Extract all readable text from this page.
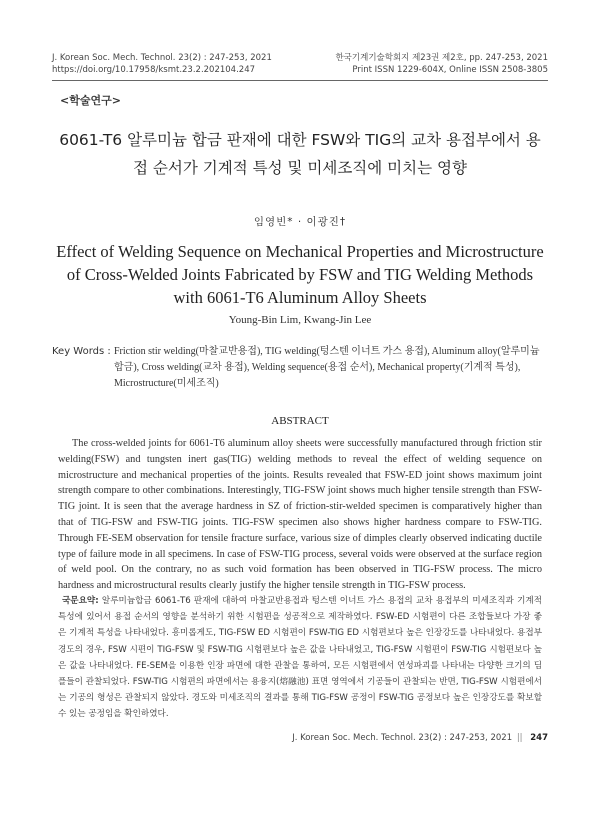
J. Korean Soc. Mech. Technol. 23(2) : 247-253, 2021
https://doi.org/10.17958/ksmt.23.2.202104.247
한국기계기술학회지 제23권 제2호, pp. 247-253, 2021
Print ISSN 1229-604X, Online ISSN 2508-3805
<학술연구>
6061-T6 알루미늄 합금 판재에 대한 FSW와 TIG의 교차 용접부에서 용접 순서가 기계적 특성 및 미세조직에 미치는 영향
임영빈* · 이광진†
Effect of Welding Sequence on Mechanical Properties and Microstructure of Cross-Welded Joints Fabricated by FSW and TIG Welding Methods with 6061-T6 Aluminum Alloy Sheets
Young-Bin Lim, Kwang-Jin Lee
Key Words : Friction stir welding(마찰교반용접), TIG welding(텅스텐 이너트 가스 용접), Aluminum alloy(알루미늄 합금), Cross welding(교차 용접), Welding sequence(용접 순서), Mechanical property(기계적 특성), Microstructure(미세조직)
ABSTRACT
The cross-welded joints for 6061-T6 aluminum alloy sheets were successfully manufactured through friction stir welding(FSW) and tungsten inert gas(TIG) welding methods to reveal the effect of welding sequence on microstructure and mechanical properties of the joints. Results revealed that FSW-ED joint shows maximum joint strength compare to other combinations. Interestingly, TIG-FSW joint shows much higher tensile strength than FSW-TIG joint. It is seen that the average hardness in SZ of friction-stir-welded specimen is comparatively higher than that of TIG-FSW and FSW-TIG joints. TIG-FSW specimen also shows higher hardness compare to FSW-TIG. Through FE-SEM observation for tensile fracture surface, various size of dimples clearly observed indicating ductile type of failure mode in all specimens. In case of FSW-TIG process, several voids were observed at the surface region of weld pool. On the contrary, no as such void formation has been observed in TIG-FSW process. The micro hardness and microstructural results clearly justify the higher tensile strength in TIG-FSW process.
국문요약: 알루미늄합금 6061-T6 판재에 대하여 마찰교반용접과 텅스텐 이너트 가스 용접의 교차 용접부의 미세조직과 기계적 특성에 있어서 용접 순서의 영향을 분석하기 위한 시험편을 성공적으로 제작하였다. FSW-ED 시험편이 다른 조합들보다 가장 좋은 기계적 특성을 나타내었다. 흥미롭게도, TIG-FSW ED 시험편이 FSW-TIG ED 시험편보다 높은 인장강도를 나타내었다. 용접부 경도의 경우, FSW 시편이 TIG-FSW 및 FSW-TIG 시험편보다 높은 값을 나타내었고, TIG-FSW 시험편이 FSW-TIG 시험편보다 높은 값을 나타내었다. FE-SEM을 이용한 인장 파면에 대한 관찰을 통하여, 모든 시험편에서 연성파괴를 나타내는 다양한 크기의 딤플들이 관찰되었다. FSW-TIG 시험편의 파면에서는 용융지(熔融池) 표면 영역에서 기공들이 관찰되는 반면, TIG-FSW 시험편에서는 기공의 형성은 관찰되지 않았다. 경도와 미세조직의 결과를 통해 TIG-FSW 공정이 FSW-TIG 공정보다 높은 인장강도를 확보할 수 있는 공정임을 확인하였다.
J. Korean Soc. Mech. Technol. 23(2) : 247-253, 2021 || 247
